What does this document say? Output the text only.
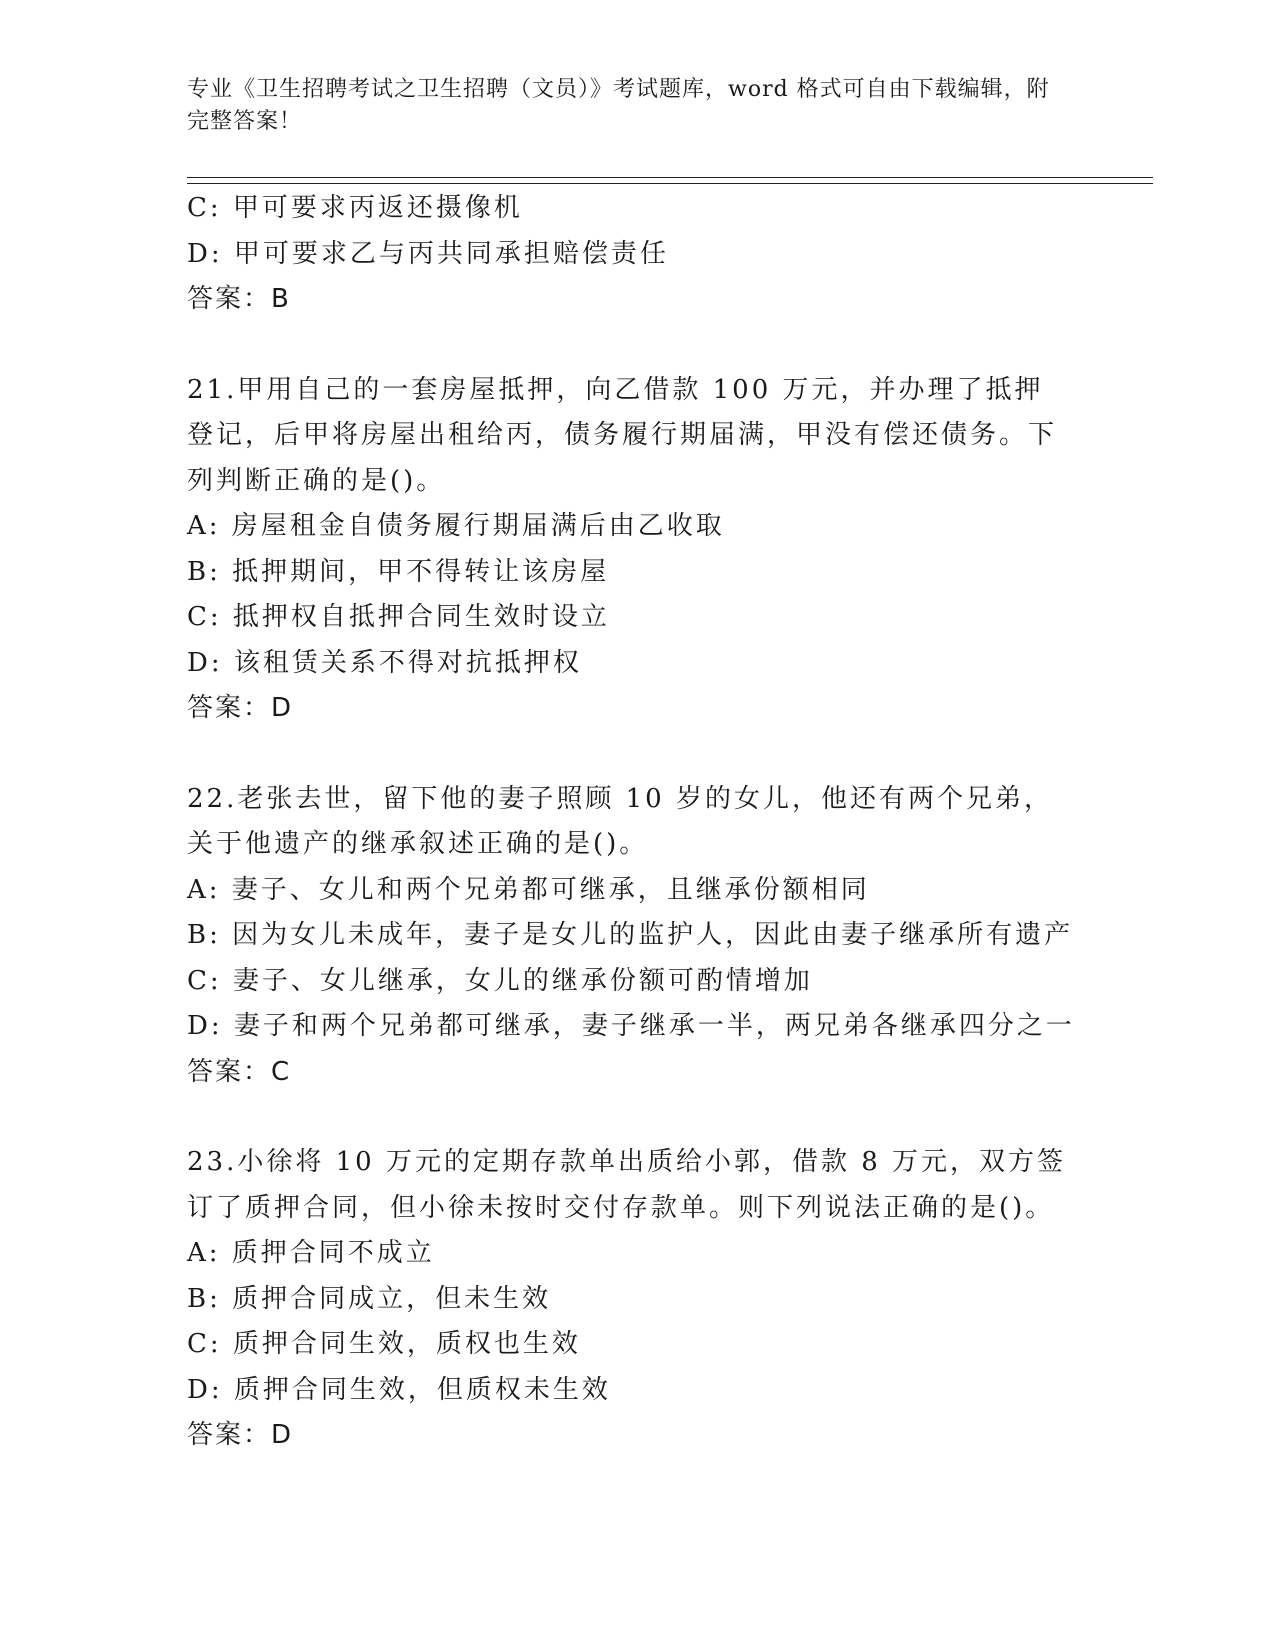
专业《卫生招聘考试之卫生招聘（文员）》考试题库，word 格式可自由下载编辑，附完整答案！
C: 甲可要求丙返还摄像机
D: 甲可要求乙与丙共同承担赔偿责任
答案：B
21.甲用自己的一套房屋抵押，向乙借款 100 万元，并办理了抵押登记，后甲将房屋出租给丙，债务履行期届满，甲没有偿还债务。下列判断正确的是()。
A: 房屋租金自债务履行期届满后由乙收取
B: 抵押期间，甲不得转让该房屋
C: 抵押权自抵押合同生效时设立
D: 该租赁关系不得对抗抵押权
答案：D
22.老张去世，留下他的妻子照顾 10 岁的女儿，他还有两个兄弟，关于他遗产的继承叙述正确的是()。
A: 妻子、女儿和两个兄弟都可继承，且继承份额相同
B: 因为女儿未成年，妻子是女儿的监护人，因此由妻子继承所有遗产
C: 妻子、女儿继承，女儿的继承份额可酌情增加
D: 妻子和两个兄弟都可继承，妻子继承一半，两兄弟各继承四分之一
答案：C
23.小徐将 10 万元的定期存款单出质给小郭，借款 8 万元，双方签订了质押合同，但小徐未按时交付存款单。则下列说法正确的是()。
A: 质押合同不成立
B: 质押合同成立，但未生效
C: 质押合同生效，质权也生效
D: 质押合同生效，但质权未生效
答案：D
